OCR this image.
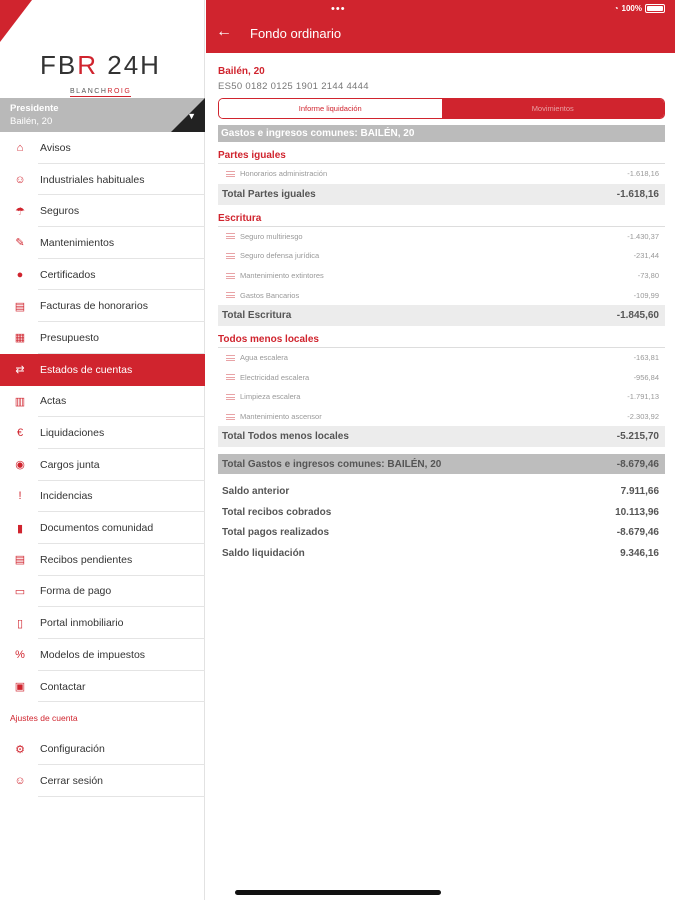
FBR 24H
BLANCHROIG
Presidente
Bailén, 20	▼
⌂	Avisos
☺	Industriales habituales
☂	Seguros
✎	Mantenimientos
●	Certificados
▤	Facturas de honorarios
▦	Presupuesto
⇄	Estados de cuentas
▥	Actas
€	Liquidaciones
◉	Cargos junta
!	Incidencias
▮	Documentos comunidad
▤	Recibos pendientes
▭	Forma de pago
▯	Portal inmobiliario
%	Modelos de impuestos
▣	Contactar
Ajustes de cuenta
⚙	Configuración
☺	Cerrar sesión
•••	◔ 100%
← Fondo ordinario
Bailén, 20
ES50 0182 0125 1901 2144 4444
Informe liquidación	Movimientos
Gastos e ingresos comunes: BAILÉN, 20
Partes iguales
Honorarios administración	-1.618,16
Total Partes iguales	-1.618,16
Escritura
Seguro multiriesgo	-1.430,37
Seguro defensa jurídica	-231,44
Mantenimiento extintores	-73,80
Gastos Bancarios	-109,99
Total Escritura	-1.845,60
Todos menos locales
Agua escalera	-163,81
Electricidad escalera	-956,84
Limpieza escalera	-1.791,13
Mantenimiento ascensor	-2.303,92
Total Todos menos locales	-5.215,70
Total Gastos e ingresos comunes: BAILÉN, 20	-8.679,46
Saldo anterior	7.911,66
Total recibos cobrados	10.113,96
Total pagos realizados	-8.679,46
Saldo liquidación	9.346,16
